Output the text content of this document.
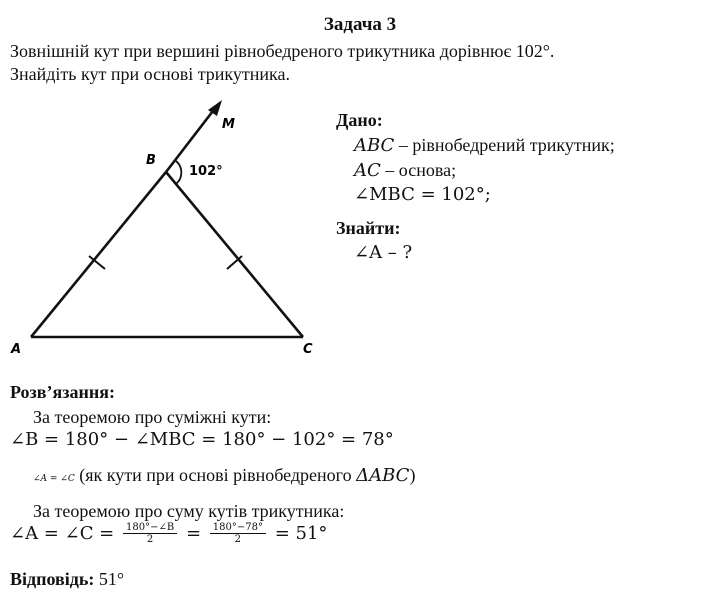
Задача 3
Зовнішній кут при вершині рівнобедреного трикутника дорівнює 102°.
Знайдіть кут при основі трикутника.
M
B
A	C
102°
Дано:
ABC – рівнобедрений трикутник;
AC – основа;
∠MBC = 102°;
Знайти:
∠A – ?
Розв’язання:
За теоремою про суміжні кути:
∠B = 180° − ∠MBC = 180° − 102° = 78°
∠A = ∠C (як кути при основі рівнобедреного ΔABC)
За теоремою про суму кутів трикутника:
∠A = ∠C = $\frac{180^\circ-\angle B}{2} = \frac{180^\circ-78^\circ}{2} = 51^\circ$
Відповідь: 51°
